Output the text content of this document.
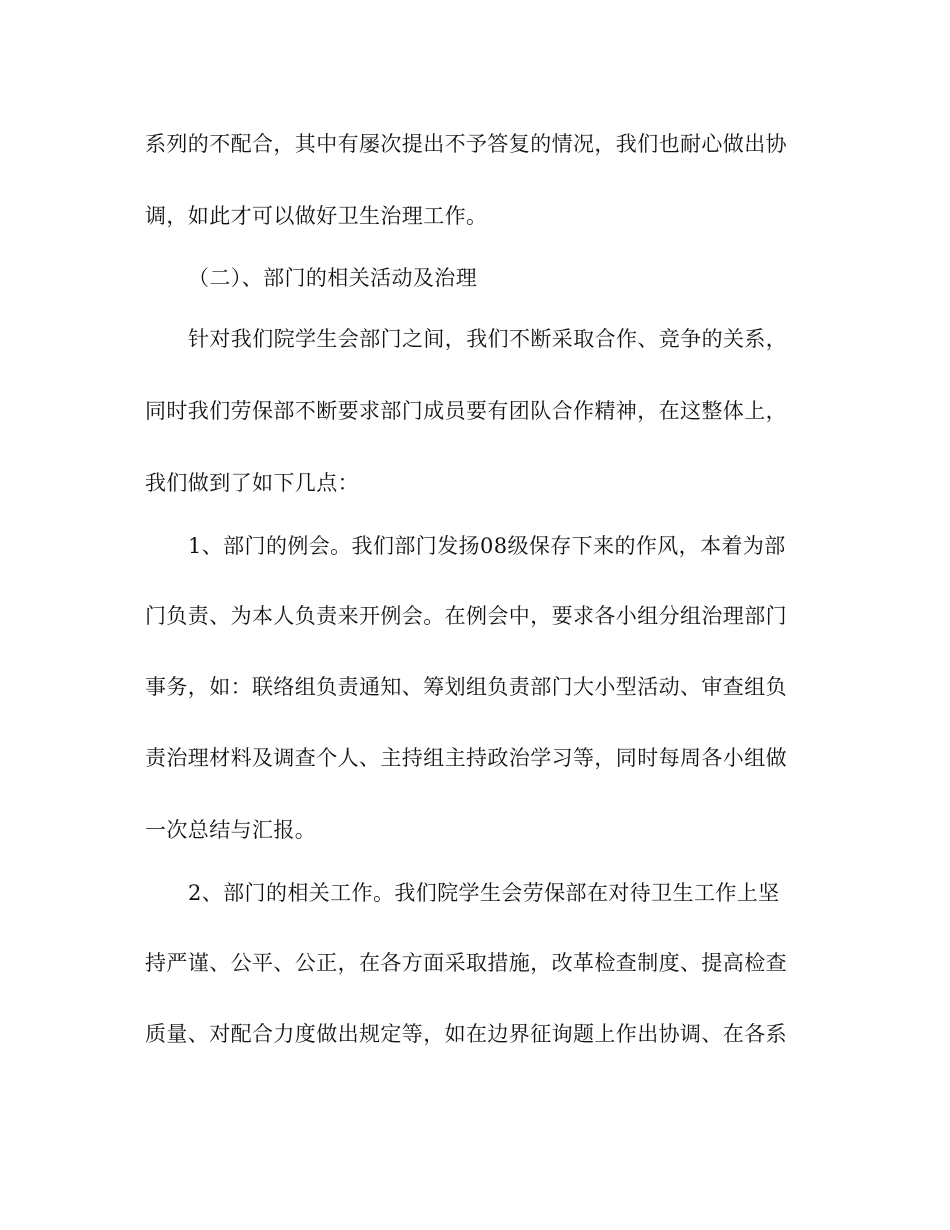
系列的不配合，其中有屡次提出不予答复的情况，我们也耐心做出协
调，如此才可以做好卫生治理工作。
（二）、部门的相关活动及治理
针对我们院学生会部门之间，我们不断采取合作、竞争的关系，
同时我们劳保部不断要求部门成员要有团队合作精神，在这整体上，
我们做到了如下几点：
1、部门的例会。我们部门发扬08级保存下来的作风，本着为部
门负责、为本人负责来开例会。在例会中，要求各小组分组治理部门
事务，如：联络组负责通知、筹划组负责部门大小型活动、审查组负
责治理材料及调查个人、主持组主持政治学习等，同时每周各小组做
一次总结与汇报。
2、部门的相关工作。我们院学生会劳保部在对待卫生工作上坚
持严谨、公平、公正，在各方面采取措施，改革检查制度、提高检查
质量、对配合力度做出规定等，如在边界征询题上作出协调、在各系
